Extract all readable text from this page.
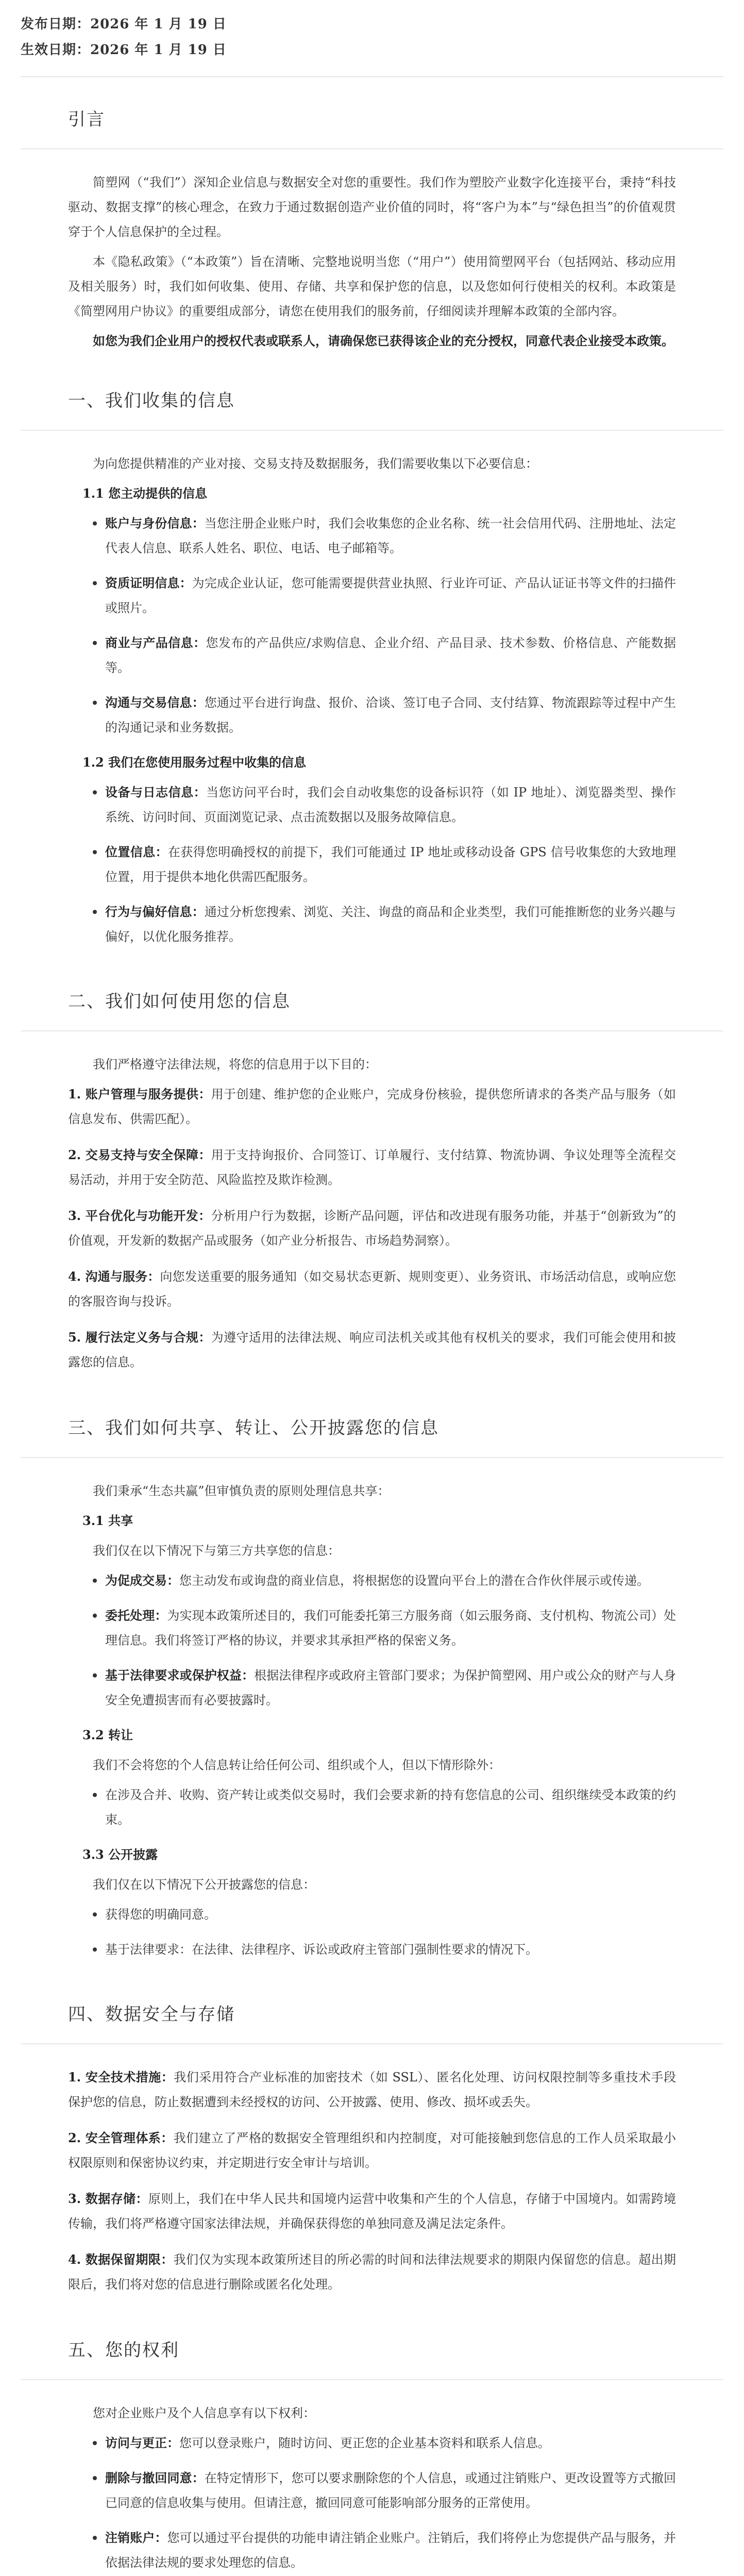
发布日期：2026 年 1 月 19 日
生效日期：2026 年 1 月 19 日
引言

简塑网（“我们”）深知企业信息与数据安全对您的重要性。我们作为塑胶产业数字化连接平台，秉持“科技驱动、数据支撑”的核心理念，在致力于通过数据创造产业价值的同时，将“客户为本”与“绿色担当”的价值观贯穿于个人信息保护的全过程。

本《隐私政策》（“本政策”）旨在清晰、完整地说明当您（“用户”）使用简塑网平台（包括网站、移动应用及相关服务）时，我们如何收集、使用、存储、共享和保护您的信息，以及您如何行使相关的权利。本政策是《简塑网用户协议》的重要组成部分，请您在使用我们的服务前，仔细阅读并理解本政策的全部内容。

如您为我们企业用户的授权代表或联系人，请确保您已获得该企业的充分授权，同意代表企业接受本政策。

一、我们收集的信息

为向您提供精准的产业对接、交易支持及数据服务，我们需要收集以下必要信息：

1.1 您主动提供的信息
账户与身份信息：当您注册企业账户时，我们会收集您的企业名称、统一社会信用代码、注册地址、法定代表人信息、联系人姓名、职位、电话、电子邮箱等。
资质证明信息：为完成企业认证，您可能需要提供营业执照、行业许可证、产品认证证书等文件的扫描件或照片。
商业与产品信息：您发布的产品供应/求购信息、企业介绍、产品目录、技术参数、价格信息、产能数据等。
沟通与交易信息：您通过平台进行询盘、报价、洽谈、签订电子合同、支付结算、物流跟踪等过程中产生的沟通记录和业务数据。
1.2 我们在您使用服务过程中收集的信息
设备与日志信息：当您访问平台时，我们会自动收集您的设备标识符（如 IP 地址）、浏览器类型、操作系统、访问时间、页面浏览记录、点击流数据以及服务故障信息。
位置信息：在获得您明确授权的前提下，我们可能通过 IP 地址或移动设备 GPS 信号收集您的大致地理位置，用于提供本地化供需匹配服务。
行为与偏好信息：通过分析您搜索、浏览、关注、询盘的商品和企业类型，我们可能推断您的业务兴趣与偏好，以优化服务推荐。
二、我们如何使用您的信息

我们严格遵守法律法规，将您的信息用于以下目的：

1. 账户管理与服务提供：用于创建、维护您的企业账户，完成身份核验，提供您所请求的各类产品与服务（如信息发布、供需匹配）。

2. 交易支持与安全保障：用于支持询报价、合同签订、订单履行、支付结算、物流协调、争议处理等全流程交易活动，并用于安全防范、风险监控及欺诈检测。

3. 平台优化与功能开发：分析用户行为数据，诊断产品问题，评估和改进现有服务功能，并基于“创新致为”的价值观，开发新的数据产品或服务（如产业分析报告、市场趋势洞察）。

4. 沟通与服务：向您发送重要的服务通知（如交易状态更新、规则变更）、业务资讯、市场活动信息，或响应您的客服咨询与投诉。

5. 履行法定义务与合规：为遵守适用的法律法规、响应司法机关或其他有权机关的要求，我们可能会使用和披露您的信息。

三、我们如何共享、转让、公开披露您的信息

我们秉承“生态共赢”但审慎负责的原则处理信息共享：

3.1 共享

我们仅在以下情况下与第三方共享您的信息：

为促成交易：您主动发布或询盘的商业信息，将根据您的设置向平台上的潜在合作伙伴展示或传递。
委托处理：为实现本政策所述目的，我们可能委托第三方服务商（如云服务商、支付机构、物流公司）处理信息。我们将签订严格的协议，并要求其承担严格的保密义务。
基于法律要求或保护权益：根据法律程序或政府主管部门要求；为保护简塑网、用户或公众的财产与人身安全免遭损害而有必要披露时。
3.2 转让

我们不会将您的个人信息转让给任何公司、组织或个人，但以下情形除外：

在涉及合并、收购、资产转让或类似交易时，我们会要求新的持有您信息的公司、组织继续受本政策的约束。
3.3 公开披露

我们仅在以下情况下公开披露您的信息：

获得您的明确同意。
基于法律要求：在法律、法律程序、诉讼或政府主管部门强制性要求的情况下。
四、数据安全与存储

1. 安全技术措施：我们采用符合产业标准的加密技术（如 SSL）、匿名化处理、访问权限控制等多重技术手段保护您的信息，防止数据遭到未经授权的访问、公开披露、使用、修改、损坏或丢失。

2. 安全管理体系：我们建立了严格的数据安全管理组织和内控制度，对可能接触到您信息的工作人员采取最小权限原则和保密协议约束，并定期进行安全审计与培训。

3. 数据存储：原则上，我们在中华人民共和国境内运营中收集和产生的个人信息，存储于中国境内。如需跨境传输，我们将严格遵守国家法律法规，并确保获得您的单独同意及满足法定条件。

4. 数据保留期限：我们仅为实现本政策所述目的所必需的时间和法律法规要求的期限内保留您的信息。超出期限后，我们将对您的信息进行删除或匿名化处理。

五、您的权利

您对企业账户及个人信息享有以下权利：

访问与更正：您可以登录账户，随时访问、更正您的企业基本资料和联系人信息。
删除与撤回同意：在特定情形下，您可以要求删除您的个人信息，或通过注销账户、更改设置等方式撤回已同意的信息收集与使用。但请注意，撤回同意可能影响部分服务的正常使用。
注销账户：您可以通过平台提供的功能申请注销企业账户。注销后，我们将停止为您提供产品与服务，并依据法律法规的要求处理您的信息。
